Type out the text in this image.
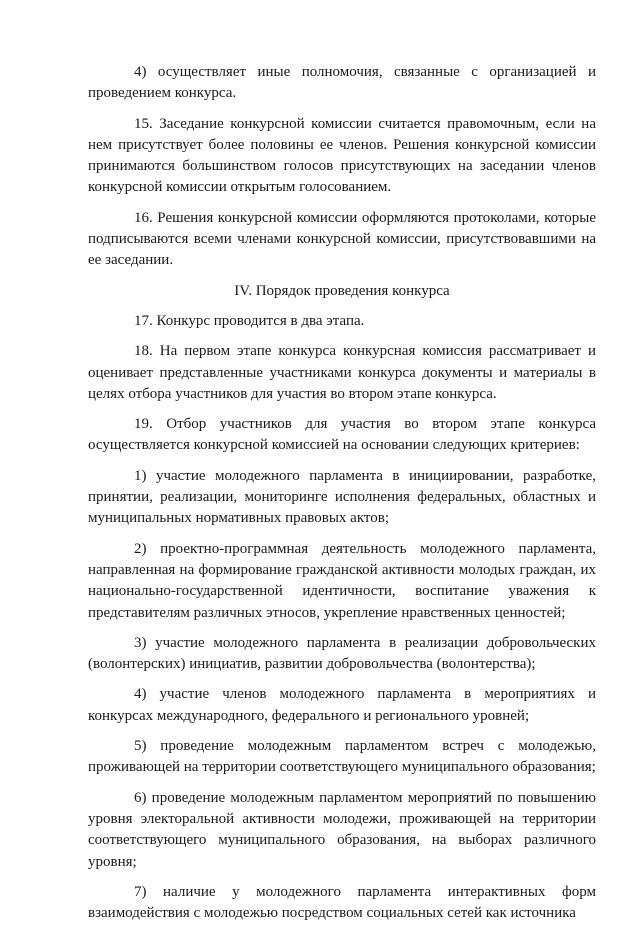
4) осуществляет иные полномочия, связанные с организацией и проведением конкурса.

15. Заседание конкурсной комиссии считается правомочным, если на нем присутствует более половины ее членов. Решения конкурсной комиссии принимаются большинством голосов присутствующих на заседании членов конкурсной комиссии открытым голосованием.

16. Решения конкурсной комиссии оформляются протоколами, которые подписываются всеми членами конкурсной комиссии, присутствовавшими на ее заседании.

IV. Порядок проведения конкурса

17. Конкурс проводится в два этапа.

18. На первом этапе конкурса конкурсная комиссия рассматривает и оценивает представленные участниками конкурса документы и материалы в целях отбора участников для участия во втором этапе конкурса.

19. Отбор участников для участия во втором этапе конкурса осуществляется конкурсной комиссией на основании следующих критериев:

1) участие молодежного парламента в инициировании, разработке, принятии, реализации, мониторинге исполнения федеральных, областных и муниципальных нормативных правовых актов;

2) проектно-программная деятельность молодежного парламента, направленная на формирование гражданской активности молодых граждан, их национально-государственной идентичности, воспитание уважения к представителям различных этносов, укрепление нравственных ценностей;

3) участие молодежного парламента в реализации добровольческих (волонтерских) инициатив, развитии добровольчества (волонтерства);

4) участие членов молодежного парламента в мероприятиях и конкурсах международного, федерального и регионального уровней;

5) проведение молодежным парламентом встреч с молодежью, проживающей на территории соответствующего муниципального образования;

6) проведение молодежным парламентом мероприятий по повышению уровня электоральной активности молодежи, проживающей на территории соответствующего муниципального образования, на выборах различного уровня;

7) наличие у молодежного парламента интерактивных форм взаимодействия с молодежью посредством социальных сетей как источника
